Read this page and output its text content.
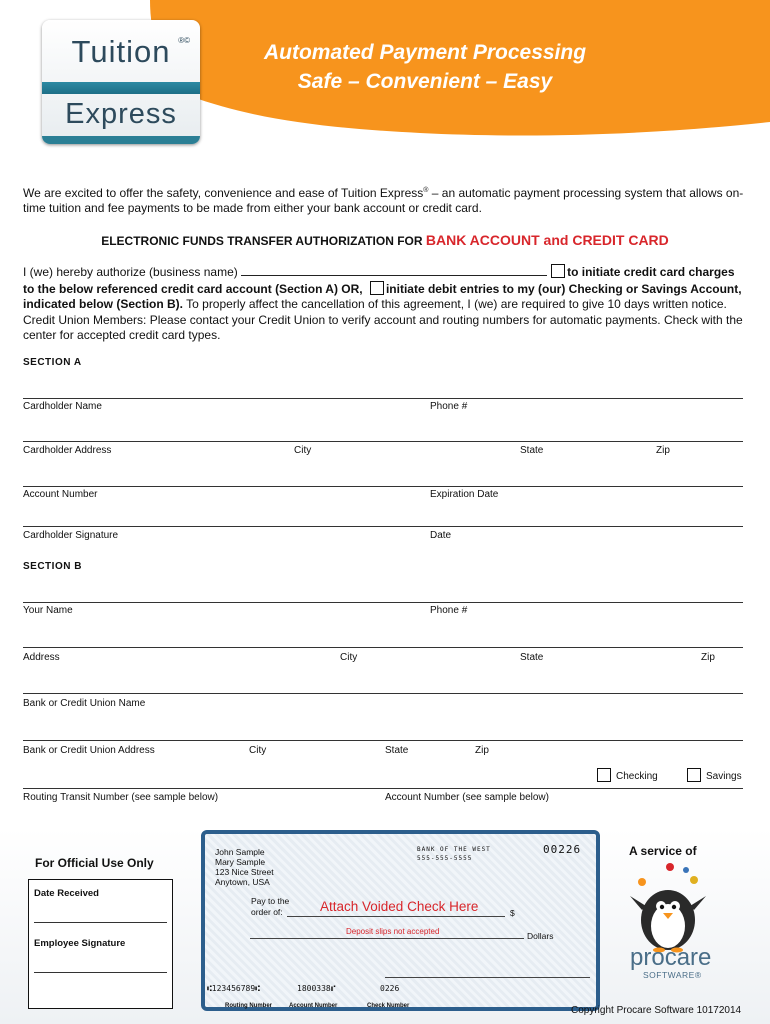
Tuition ®©
Express
Automated Payment Processing
Safe – Convenient – Easy
We are excited to offer the safety, convenience and ease of Tuition Express® – an automatic payment processing system that allows on-time tuition and fee payments to be made from either your bank account or credit card.
ELECTRONIC FUNDS TRANSFER AUTHORIZATION FOR BANK ACCOUNT and CREDIT CARD
I (we) hereby authorize (business name)	to initiate credit card charges to the below referenced credit card account (Section A) OR, initiate debit entries to my (our) Checking or Savings Account, indicated below (Section B). To properly affect the cancellation of this agreement, I (we) are required to give 10 days written notice. Credit Union Members: Please contact your Credit Union to verify account and routing numbers for automatic payments. Check with the center for accepted credit card types.
SECTION A
Cardholder Name	Phone #
Cardholder Address	City	State	Zip
Account Number	Expiration Date
Cardholder Signature	Date
SECTION B
Your Name	Phone #
Address	City	State	Zip
Bank or Credit Union Name
Bank or Credit Union Address	City	State	Zip
Checking	Savings
Routing Transit Number (see sample below)	Account Number (see sample below)
For Official Use Only
Date Received
Employee Signature
John Sample
Mary Sample
123 Nice Street
Anytown, USA
BANK OF THE WEST
555-555-5555
00226
Pay to the
order of:	Attach Voided Check Here	$
Deposit slips not accepted	Dollars
⑆123456789⑆	1800338⑈	0226
Routing Number	Account Number	Check Number
A service of
procare
SOFTWARE®
Copyright Procare Software 10172014
